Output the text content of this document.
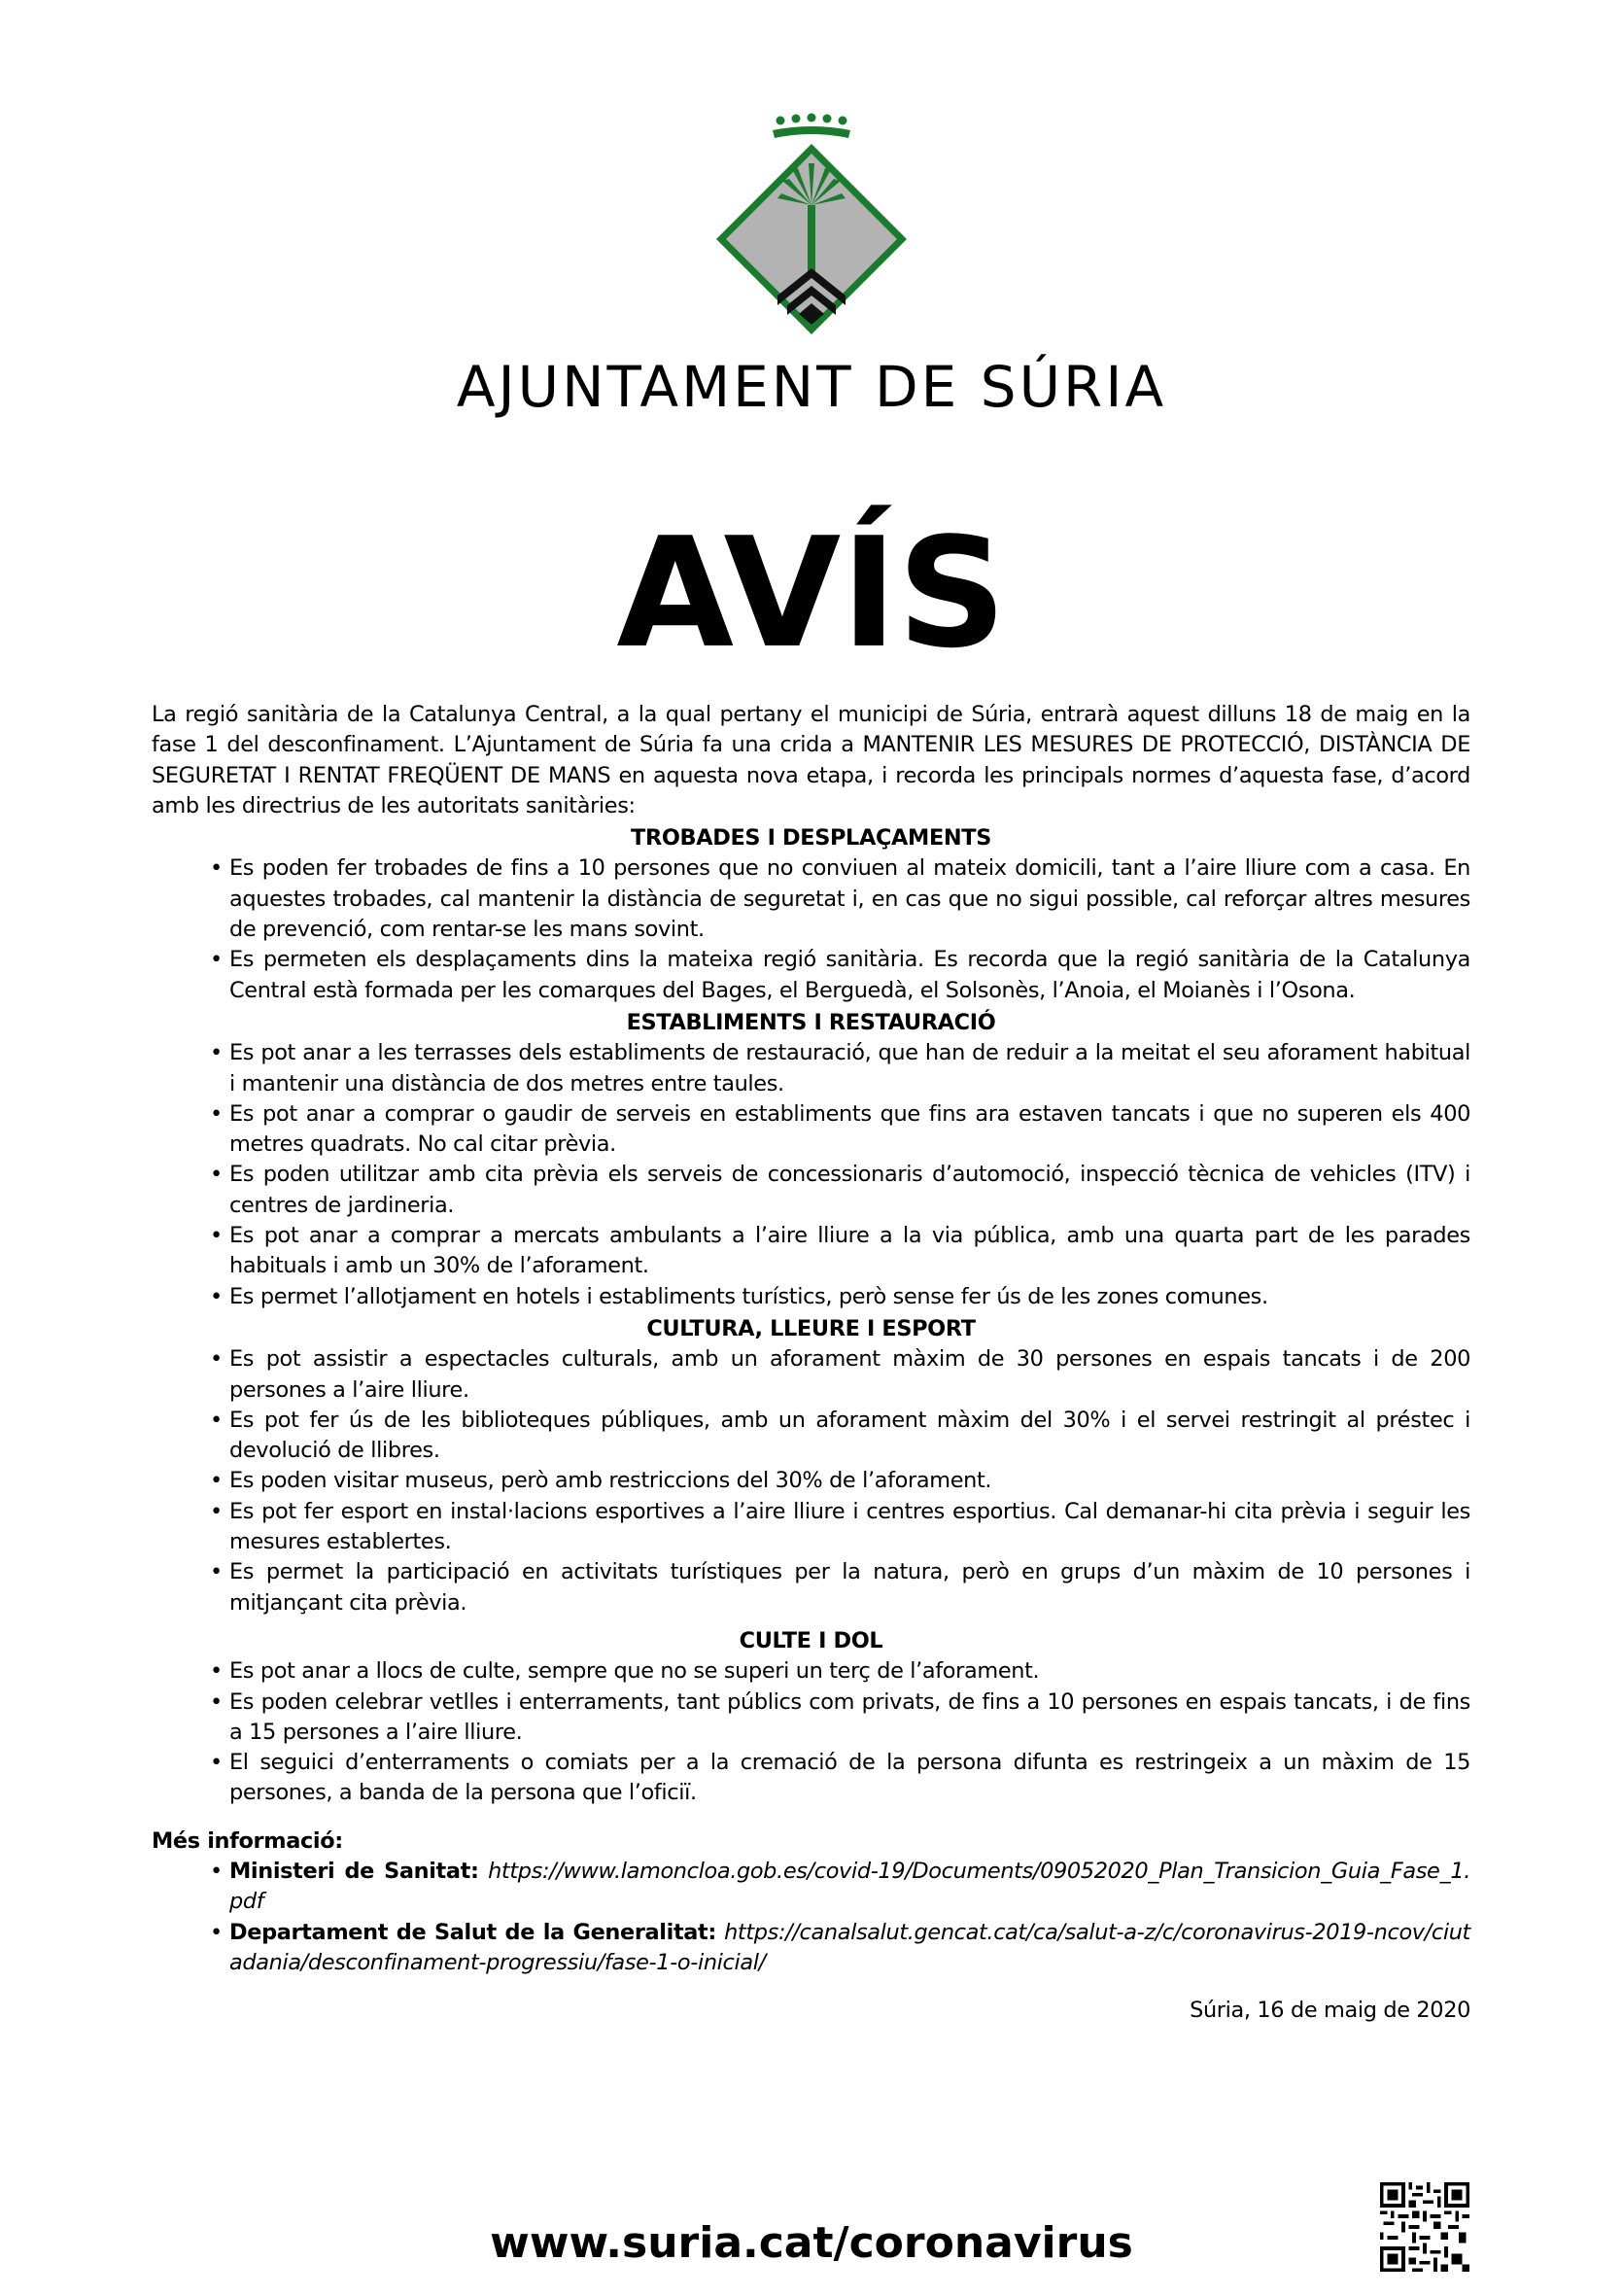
AJUNTAMENT DE SÚRIA
AVÍS

La regió sanitària de la Catalunya Central, a la qual pertany el municipi de Súria, entrarà aquest dilluns 18 de maig en la fase 1 del desconfinament. L’Ajuntament de Súria fa una crida a MANTENIR LES MESURES DE PROTECCIÓ, DISTÀNCIA DE SEGURETAT I RENTAT FREQÜENT DE MANS en aquesta nova etapa, i recorda les principals normes d’aquesta fase, d’acord amb les directrius de les autoritats sanitàries:

TROBADES I DESPLAÇAMENTS
• Es poden fer trobades de fins a 10 persones que no conviuen al mateix domicili, tant a l’aire lliure com a casa. En aquestes trobades, cal mantenir la distància de seguretat i, en cas que no sigui possible, cal reforçar altres mesures de prevenció, com rentar-se les mans sovint.
• Es permeten els desplaçaments dins la mateixa regió sanitària. Es recorda que la regió sanitària de la Catalunya Central està formada per les comarques del Bages, el Berguedà, el Solsonès, l’Anoia, el Moianès i l’Osona.
ESTABLIMENTS I RESTAURACIÓ
• Es pot anar a les terrasses dels establiments de restauració, que han de reduir a la meitat el seu aforament habitual i mantenir una distància de dos metres entre taules.
• Es pot anar a comprar o gaudir de serveis en establiments que fins ara estaven tancats i que no superen els 400 metres quadrats. No cal citar prèvia.
• Es poden utilitzar amb cita prèvia els serveis de concessionaris d’automoció, inspecció tècnica de vehicles (ITV) i centres de jardineria.
• Es pot anar a comprar a mercats ambulants a l’aire lliure a la via pública, amb una quarta part de les parades habituals i amb un 30% de l’aforament.
• Es permet l’allotjament en hotels i establiments turístics, però sense fer ús de les zones comunes.
CULTURA, LLEURE I ESPORT
• Es pot assistir a espectacles culturals, amb un aforament màxim de 30 persones en espais tancats i de 200 persones a l’aire lliure.
• Es pot fer ús de les biblioteques públiques, amb un aforament màxim del 30% i el servei restringit al préstec i devolució de llibres.
• Es poden visitar museus, però amb restriccions del 30% de l’aforament.
• Es pot fer esport en instal·lacions esportives a l’aire lliure i centres esportius. Cal demanar-hi cita prèvia i seguir les mesures establertes.
• Es permet la participació en activitats turístiques per la natura, però en grups d’un màxim de 10 persones i mitjançant cita prèvia.
CULTE I DOL
• Es pot anar a llocs de culte, sempre que no se superi un terç de l’aforament.
• Es poden celebrar vetlles i enterraments, tant públics com privats, de fins a 10 persones en espais tancats, i de fins a 15 persones a l’aire lliure.
• El seguici d’enterraments o comiats per a la cremació de la persona difunta es restringeix a un màxim de 15 persones, a banda de la persona que l’oficiï.
Més informació:
• Ministeri de Sanitat: https://www.lamoncloa.gob.es/covid-19/Documents/09052020_Plan_Transicion_Guia_Fase_1.pdf
• Departament de Salut de la Generalitat: https://canalsalut.gencat.cat/ca/salut-a-z/c/coronavirus-2019-ncov/ciutadania/desconfinament-progressiu/fase-1-o-inicial/
Súria, 16 de maig de 2020
www.suria.cat/coronavirus
